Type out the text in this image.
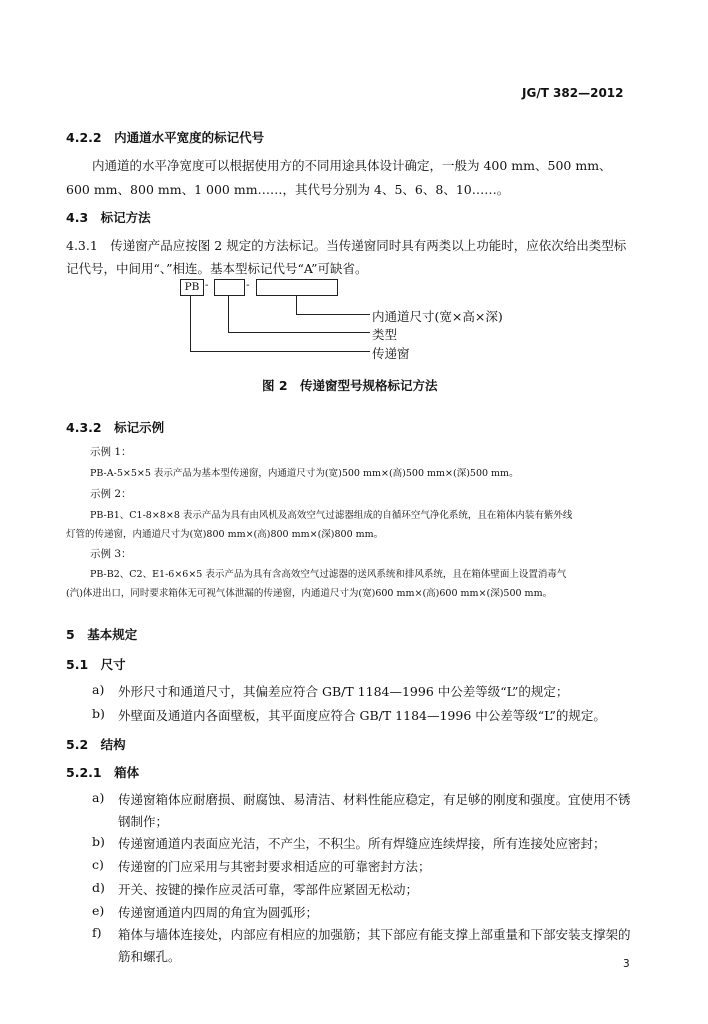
JG/T 382—2012
4.2.2　内通道水平宽度的标记代号
内通道的水平净宽度可以根据使用方的不同用途具体设计确定，一般为 400 mm、500 mm、
600 mm、800 mm、1 000 mm……，其代号分别为 4、5、6、8、10……。
4.3　标记方法
4.3.1　传递窗产品应按图 2 规定的方法标记。当传递窗同时具有两类以上功能时，应依次给出类型标
记代号，中间用“、”相连。基本型标记代号“A”可缺省。
PB -	-
内通道尺寸(宽×高×深)
类型
传递窗
图 2　传递窗型号规格标记方法
4.3.2　标记示例
示例 1：
PB-A-5×5×5 表示产品为基本型传递窗，内通道尺寸为(宽)500 mm×(高)500 mm×(深)500 mm。
示例 2：
PB-B1、C1-8×8×8 表示产品为具有由风机及高效空气过滤器组成的自循环空气净化系统，且在箱体内装有紫外线
灯管的传递窗，内通道尺寸为(宽)800 mm×(高)800 mm×(深)800 mm。
示例 3：
PB-B2、C2、E1-6×6×5 表示产品为具有含高效空气过滤器的送风系统和排风系统，且在箱体壁面上设置消毒气
(汽)体进出口，同时要求箱体无可视气体泄漏的传递窗，内通道尺寸为(宽)600 mm×(高)600 mm×(深)500 mm。
5　基本规定
5.1　尺寸
a) 外形尺寸和通道尺寸，其偏差应符合 GB/T 1184—1996 中公差等级“L”的规定；
b) 外壁面及通道内各面壁板，其平面度应符合 GB/T 1184—1996 中公差等级“L”的规定。
5.2　结构
5.2.1　箱体
a) 传递窗箱体应耐磨损、耐腐蚀、易清洁、材料性能应稳定，有足够的刚度和强度。宜使用不锈
钢制作；
b) 传递窗通道内表面应光洁，不产尘，不积尘。所有焊缝应连续焊接，所有连接处应密封；
c) 传递窗的门应采用与其密封要求相适应的可靠密封方法；
d) 开关、按键的操作应灵活可靠，零部件应紧固无松动；
e) 传递窗通道内四周的角宜为圆弧形；
f) 箱体与墙体连接处，内部应有相应的加强筋；其下部应有能支撑上部重量和下部安装支撑架的
筋和螺孔。	3
